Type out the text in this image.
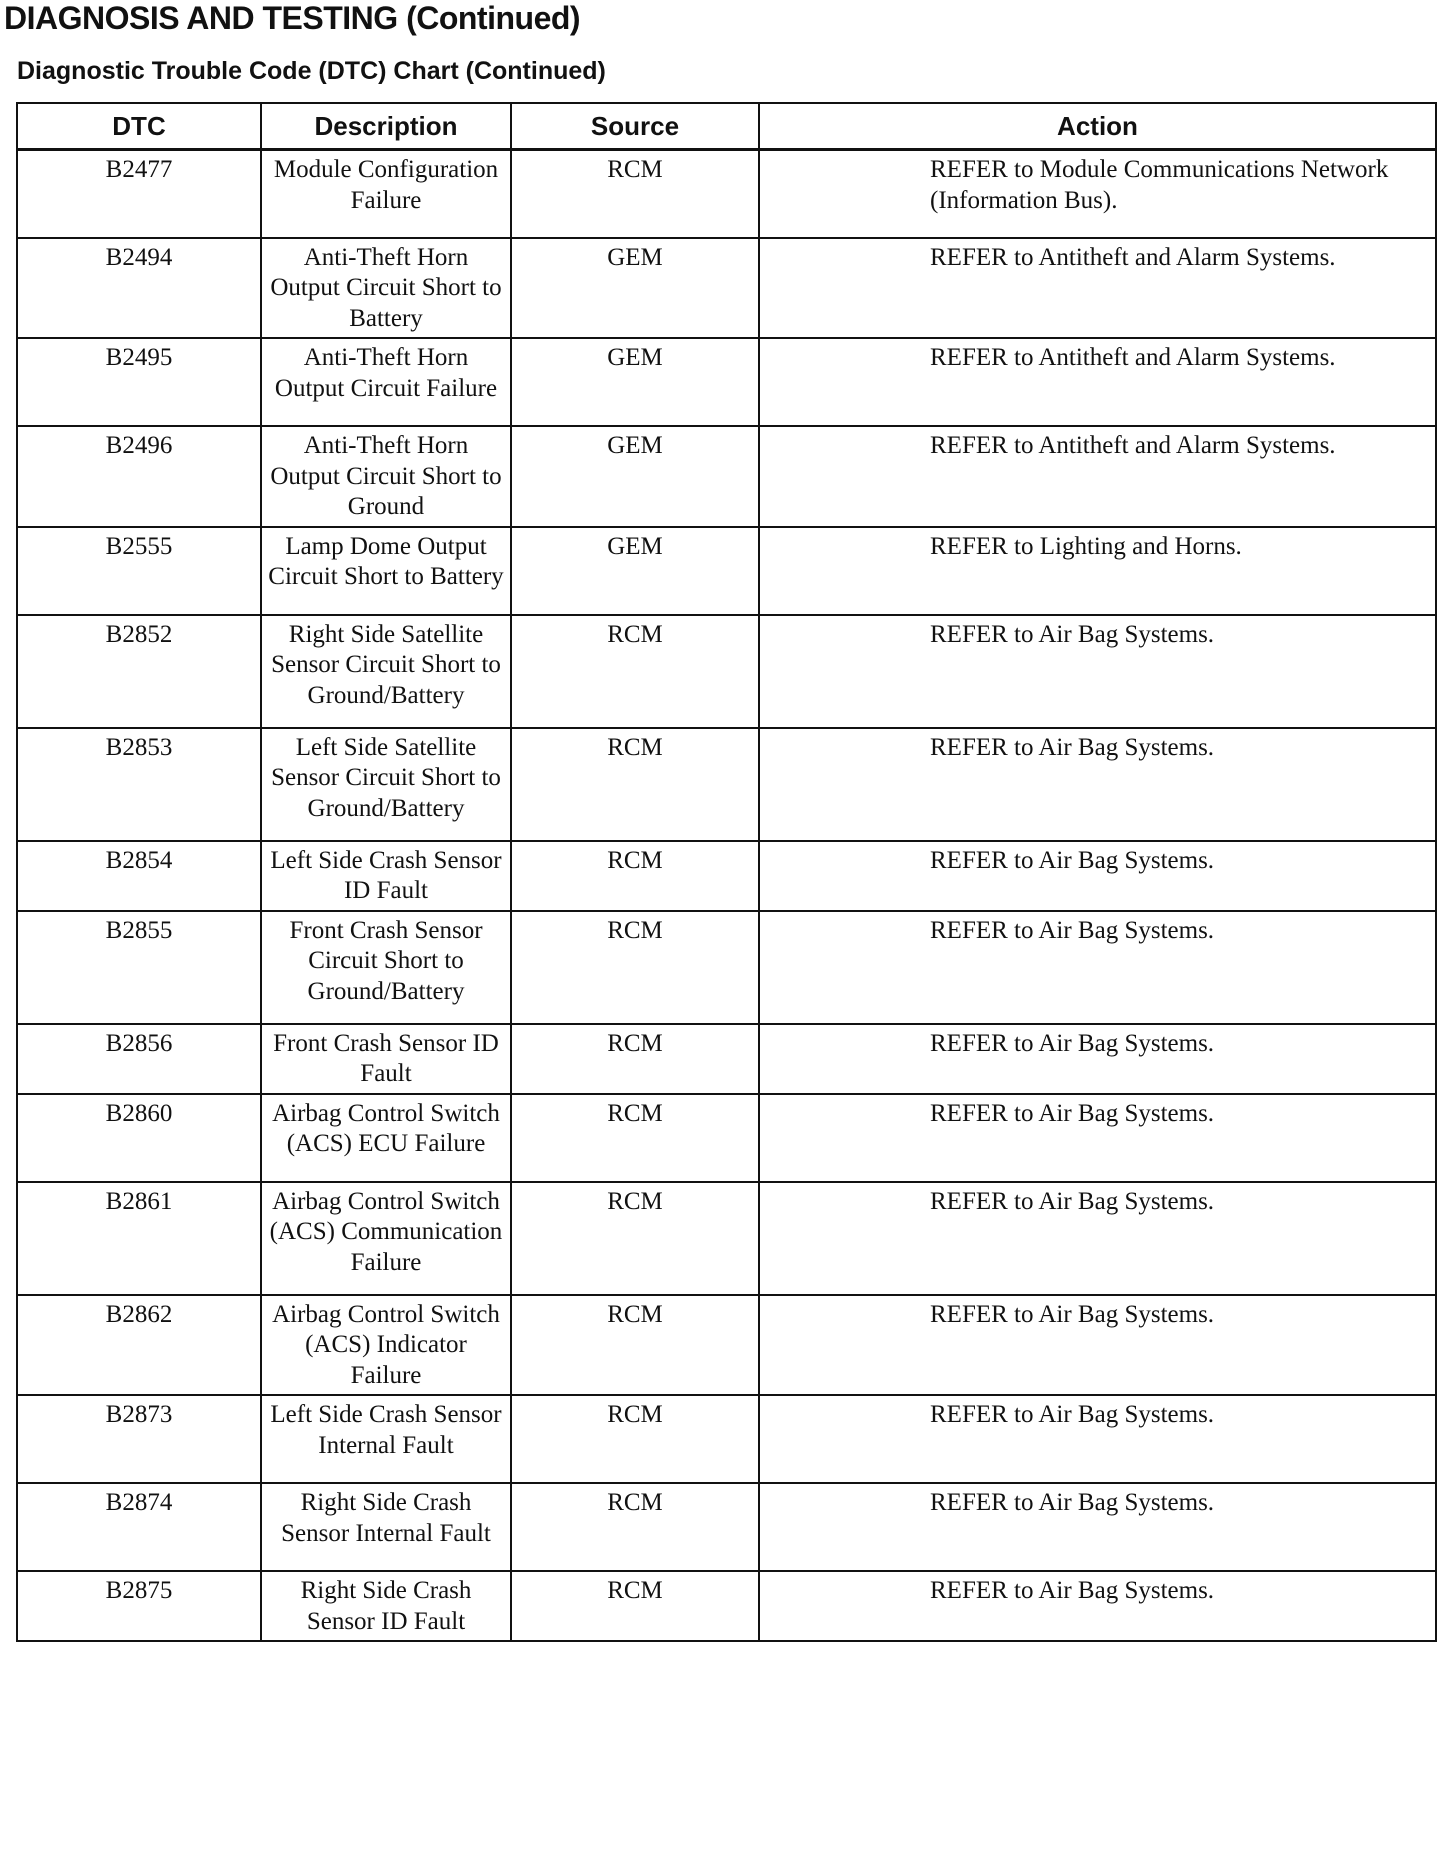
DIAGNOSIS AND TESTING (Continued)
Diagnostic Trouble Code (DTC) Chart (Continued)
DTC	Description	Source	Action
B2477	Module Configuration Failure	RCM	REFER to Module Communications Network (Information Bus).
B2494	Anti-Theft Horn Output Circuit Short to Battery	GEM	REFER to Antitheft and Alarm Systems.
B2495	Anti-Theft Horn Output Circuit Failure	GEM	REFER to Antitheft and Alarm Systems.
B2496	Anti-Theft Horn Output Circuit Short to Ground	GEM	REFER to Antitheft and Alarm Systems.
B2555	Lamp Dome Output Circuit Short to Battery	GEM	REFER to Lighting and Horns.
B2852	Right Side Satellite Sensor Circuit Short to Ground/Battery	RCM	REFER to Air Bag Systems.
B2853	Left Side Satellite Sensor Circuit Short to Ground/Battery	RCM	REFER to Air Bag Systems.
B2854	Left Side Crash Sensor ID Fault	RCM	REFER to Air Bag Systems.
B2855	Front Crash Sensor Circuit Short to Ground/Battery	RCM	REFER to Air Bag Systems.
B2856	Front Crash Sensor ID Fault	RCM	REFER to Air Bag Systems.
B2860	Airbag Control Switch (ACS) ECU Failure	RCM	REFER to Air Bag Systems.
B2861	Airbag Control Switch (ACS) Communication Failure	RCM	REFER to Air Bag Systems.
B2862	Airbag Control Switch (ACS) Indicator Failure	RCM	REFER to Air Bag Systems.
B2873	Left Side Crash Sensor Internal Fault	RCM	REFER to Air Bag Systems.
B2874	Right Side Crash Sensor Internal Fault	RCM	REFER to Air Bag Systems.
B2875	Right Side Crash Sensor ID Fault	RCM	REFER to Air Bag Systems.
